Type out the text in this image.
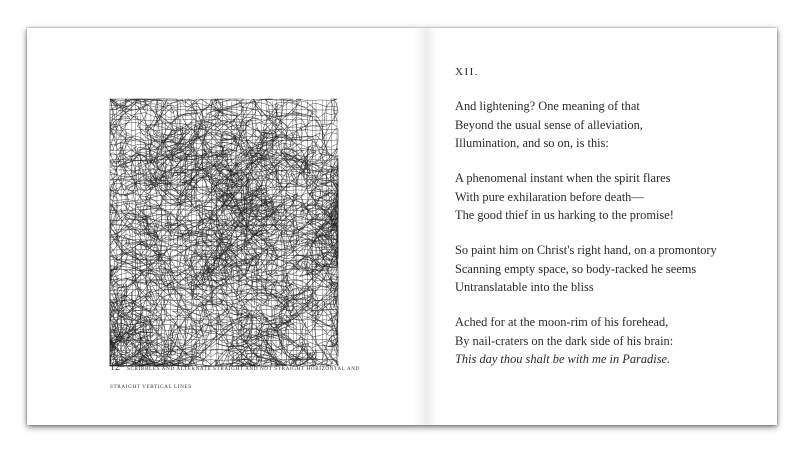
12 SCRIBBLES AND ALTERNATE STRAIGHT AND NOT STRAIGHT HORIZONTAL AND STRAIGHT VERTICAL LINES
XII.
And lightening? One meaning of that
Beyond the usual sense of alleviation,
Illumination, and so on, is this:
A phenomenal instant when the spirit flares
With pure exhilaration before death—
The good thief in us harking to the promise!
So paint him on Christ's right hand, on a promontory
Scanning empty space, so body-racked he seems
Untranslatable into the bliss
Ached for at the moon-rim of his forehead,
By nail-craters on the dark side of his brain:
This day thou shalt be with me in Paradise.
